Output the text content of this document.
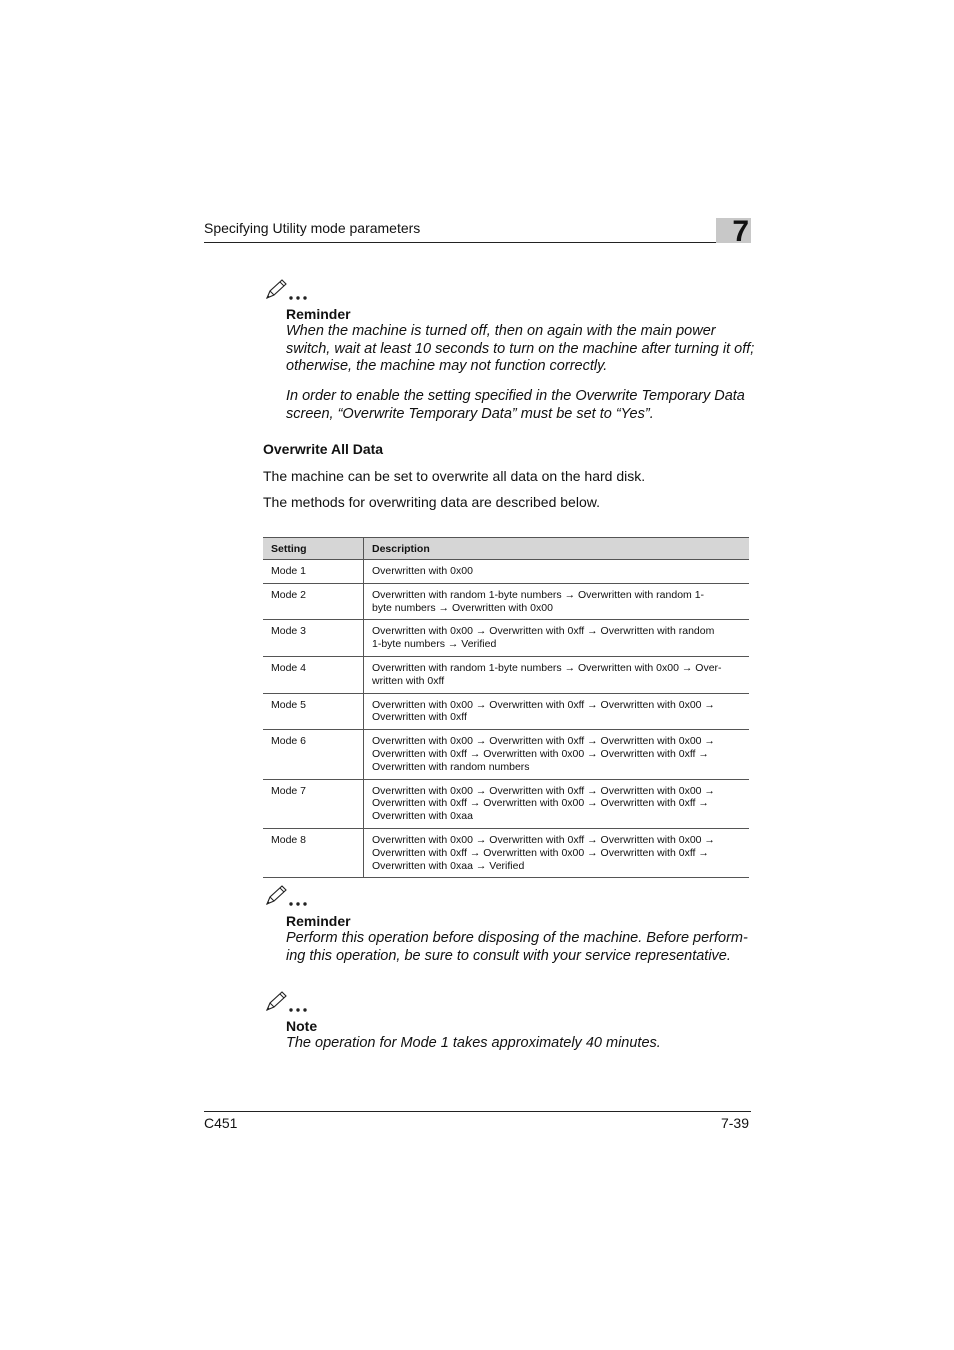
Specifying Utility mode parameters	7
Reminder
When the machine is turned off, then on again with the main power switch, wait at least 10 seconds to turn on the machine after turning it off; otherwise, the machine may not function correctly.
In order to enable the setting specified in the Overwrite Temporary Data screen, “Overwrite Temporary Data” must be set to “Yes”.
Overwrite All Data
The machine can be set to overwrite all data on the hard disk.
The methods for overwriting data are described below.
Setting	Description
Mode 1	Overwritten with 0x00

Mode 2	Overwritten with random 1-byte numbers → Overwritten with random 1-
byte numbers → Overwritten with 0x00

Mode 3	Overwritten with 0x00 → Overwritten with 0xff → Overwritten with random
1-byte numbers → Verified

Mode 4	Overwritten with random 1-byte numbers → Overwritten with 0x00 → Over-
written with 0xff

Mode 5	Overwritten with 0x00 → Overwritten with 0xff → Overwritten with 0x00 →
Overwritten with 0xff

Mode 6	Overwritten with 0x00 → Overwritten with 0xff → Overwritten with 0x00 →
Overwritten with 0xff → Overwritten with 0x00 → Overwritten with 0xff →
Overwritten with random numbers

Mode 7	Overwritten with 0x00 → Overwritten with 0xff → Overwritten with 0x00 →
Overwritten with 0xff → Overwritten with 0x00 → Overwritten with 0xff →
Overwritten with 0xaa

Mode 8	Overwritten with 0x00 → Overwritten with 0xff → Overwritten with 0x00 →
Overwritten with 0xff → Overwritten with 0x00 → Overwritten with 0xff →
Overwritten with 0xaa → Verified
Reminder
Perform this operation before disposing of the machine. Before perform-ing this operation, be sure to consult with your service representative.
Note
The operation for Mode 1 takes approximately 40 minutes.
C451	7-39
